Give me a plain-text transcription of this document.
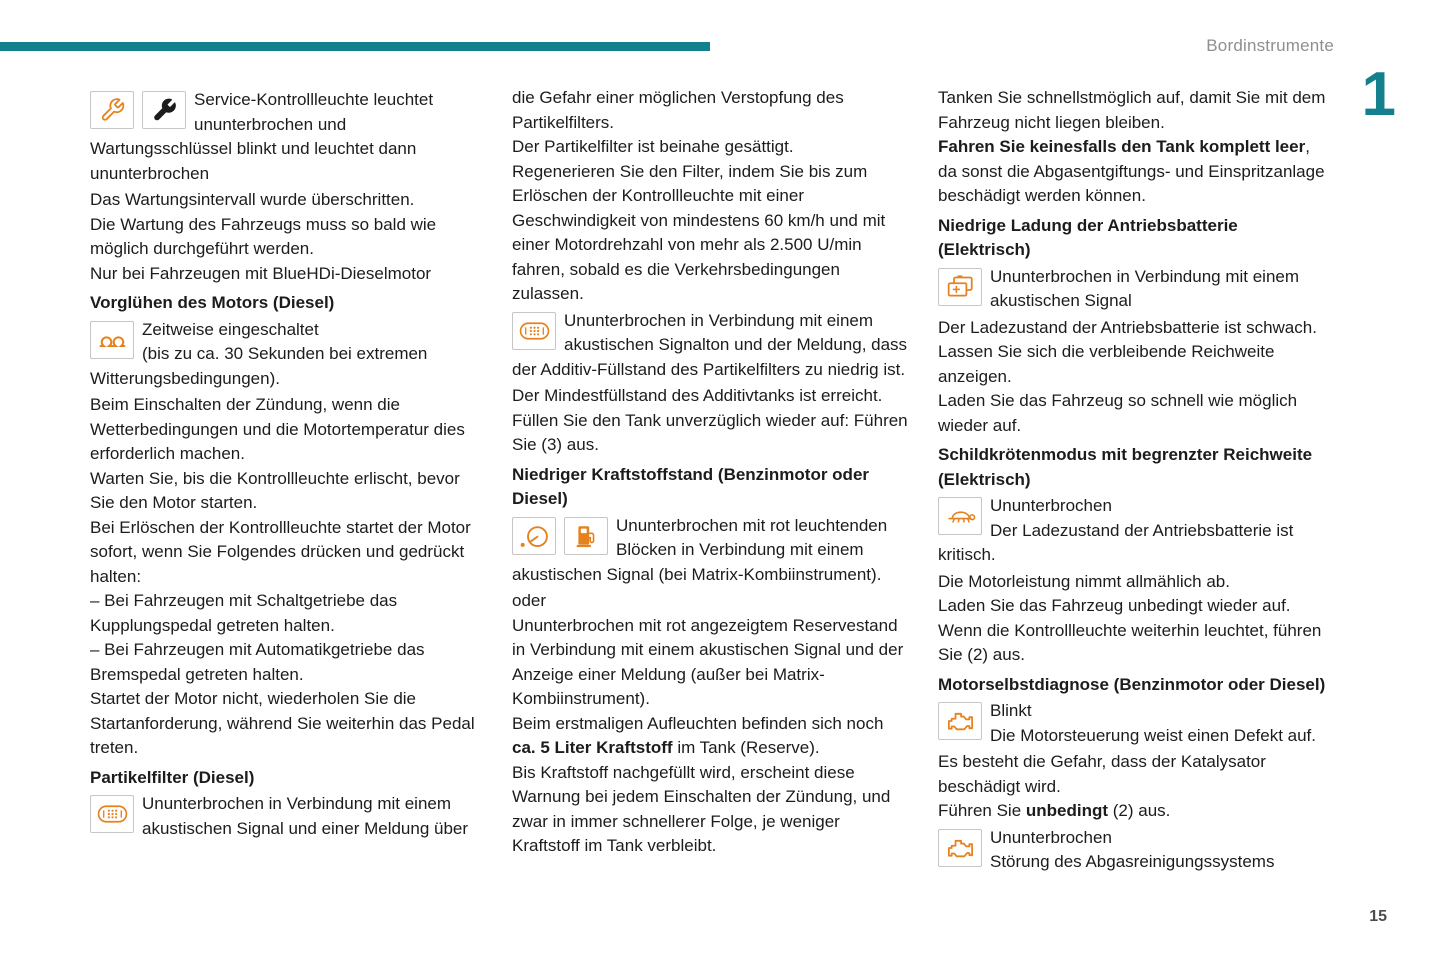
Bordinstrumente
1
Service-Kontrollleuchte leuchtet ununterbrochen und Wartungsschlüssel blinkt und leuchtet dann ununterbrochen

Das Wartungsintervall wurde überschritten.

Die Wartung des Fahrzeugs muss so bald wie möglich durchgeführt werden.

Nur bei Fahrzeugen mit BlueHDi-Dieselmotor

Vorglühen des Motors (Diesel)
Zeitweise eingeschaltet
(bis zu ca. 30 Sekunden bei extremen Witterungsbedingungen).

Beim Einschalten der Zündung, wenn die Wetterbedingungen und die Motortemperatur dies erforderlich machen.

Warten Sie, bis die Kontrollleuchte erlischt, bevor Sie den Motor starten.

Bei Erlöschen der Kontrollleuchte startet der Motor sofort, wenn Sie Folgendes drücken und gedrückt halten:

– Bei Fahrzeugen mit Schaltgetriebe das Kupplungspedal getreten halten.

– Bei Fahrzeugen mit Automatikgetriebe das Bremspedal getreten halten.

Startet der Motor nicht, wiederholen Sie die Startanforderung, während Sie weiterhin das Pedal treten.

Partikelfilter (Diesel)
Ununterbrochen in Verbindung mit einem akustischen Signal und einer Meldung über

die Gefahr einer möglichen Verstopfung des Partikelfilters.

Der Partikelfilter ist beinahe gesättigt.

Regenerieren Sie den Filter, indem Sie bis zum Erlöschen der Kontrollleuchte mit einer Geschwindigkeit von mindestens 60 km/h und mit einer Motordrehzahl von mehr als 2.500 U/min fahren, sobald es die Verkehrsbedingungen zulassen.

Ununterbrochen in Verbindung mit einem akustischen Signalton und der Meldung, dass der Additiv-Füllstand des Partikelfilters zu niedrig ist.

Der Mindestfüllstand des Additivtanks ist erreicht. Füllen Sie den Tank unverzüglich wieder auf: Führen Sie (3) aus.

Niedriger Kraftstoffstand (Benzinmotor oder Diesel)
Ununterbrochen mit rot leuchtenden Blöcken in Verbindung mit einem akustischen Signal (bei Matrix-Kombiinstrument).

oder

Ununterbrochen mit rot angezeigtem Reservestand in Verbindung mit einem akustischen Signal und der Anzeige einer Meldung (außer bei Matrix-Kombiinstrument).

Beim erstmaligen Aufleuchten befinden sich noch ca. 5 Liter Kraftstoff im Tank (Reserve).

Bis Kraftstoff nachgefüllt wird, erscheint diese Warnung bei jedem Einschalten der Zündung, und zwar in immer schnellerer Folge, je weniger Kraftstoff im Tank verbleibt.

Tanken Sie schnellstmöglich auf, damit Sie mit dem Fahrzeug nicht liegen bleiben.

Fahren Sie keinesfalls den Tank komplett leer, da sonst die Abgasentgiftungs- und Einspritzanlage beschädigt werden können.

Niedrige Ladung der Antriebsbatterie (Elektrisch)
Ununterbrochen in Verbindung mit einem akustischen Signal

Der Ladezustand der Antriebsbatterie ist schwach.

Lassen Sie sich die verbleibende Reichweite anzeigen.

Laden Sie das Fahrzeug so schnell wie möglich wieder auf.

Schildkrötenmodus mit begrenzter Reichweite (Elektrisch)
Ununterbrochen
Der Ladezustand der Antriebsbatterie ist kritisch.

Die Motorleistung nimmt allmählich ab.

Laden Sie das Fahrzeug unbedingt wieder auf.

Wenn die Kontrollleuchte weiterhin leuchtet, führen Sie (2) aus.

Motorselbstdiagnose (Benzinmotor oder Diesel)
Blinkt
Die Motorsteuerung weist einen Defekt auf.

Es besteht die Gefahr, dass der Katalysator beschädigt wird.

Führen Sie unbedingt (2) aus.

Ununterbrochen
Störung des Abgasreinigungssystems
15
